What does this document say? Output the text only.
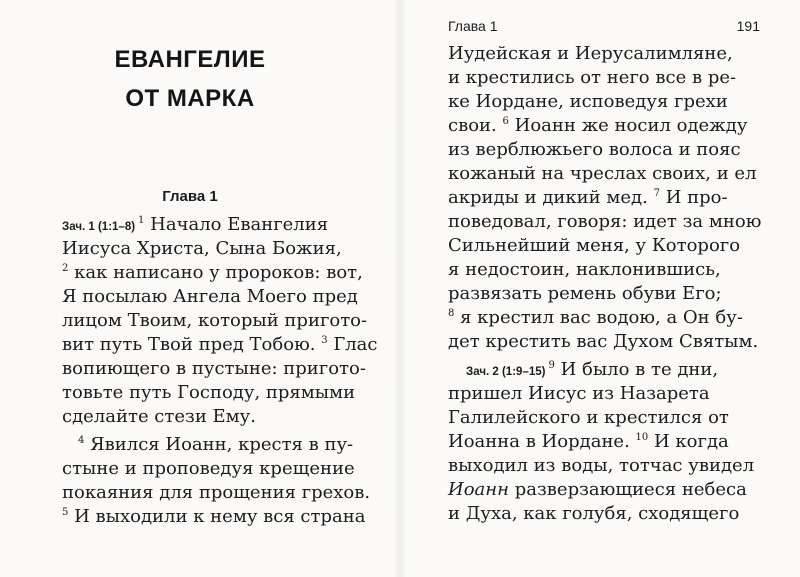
ЕВАНГЕЛИЕ
ОТ МАРКА
Глава 1
Зач. 1 (1:1–8)$^1$ Начало Евангелия
Иисуса Христа, Сына Божия,
$^2$ как написано у пророков: вот,
Я посылаю Ангела Моего пред
лицом Твоим, который пригото-
вит путь Твой пред Тобою. $^3$ Глас
вопиющего в пустыне: пригото-
товьте путь Господу, прямыми
сделайте стези Ему.
$^4$ Явился Иоанн, крестя в пу-
стыне и проповедуя крещение
покаяния для прощения грехов.
$^5$ И выходили к нему вся страна
Глава 1	191
Иудейская и Иерусалимляне,
и крестились от него все в ре-
ке Иордане, исповедуя грехи
свои. $^6$ Иоанн же носил одежду
из верблюжьего волоса и пояс
кожаный на чреслах своих, и ел
акриды и дикий мед. $^7$ И про-
поведовал, говоря: идет за мною
Сильнейший меня, у Которого
я недостоин, наклонившись,
развязать ремень обуви Его;
$^8$ я крестил вас водою, а Он бу-
дет крестить вас Духом Святым.
Зач. 2 (1:9–15)$^9$ И было в те дни,
пришел Иисус из Назарета
Галилейского и крестился от
Иоанна в Иордане. $^{10}$ И когда
выходил из воды, тотчас увидел
Иоанн разверзающиеся небеса
и Духа, как голубя, сходящего
